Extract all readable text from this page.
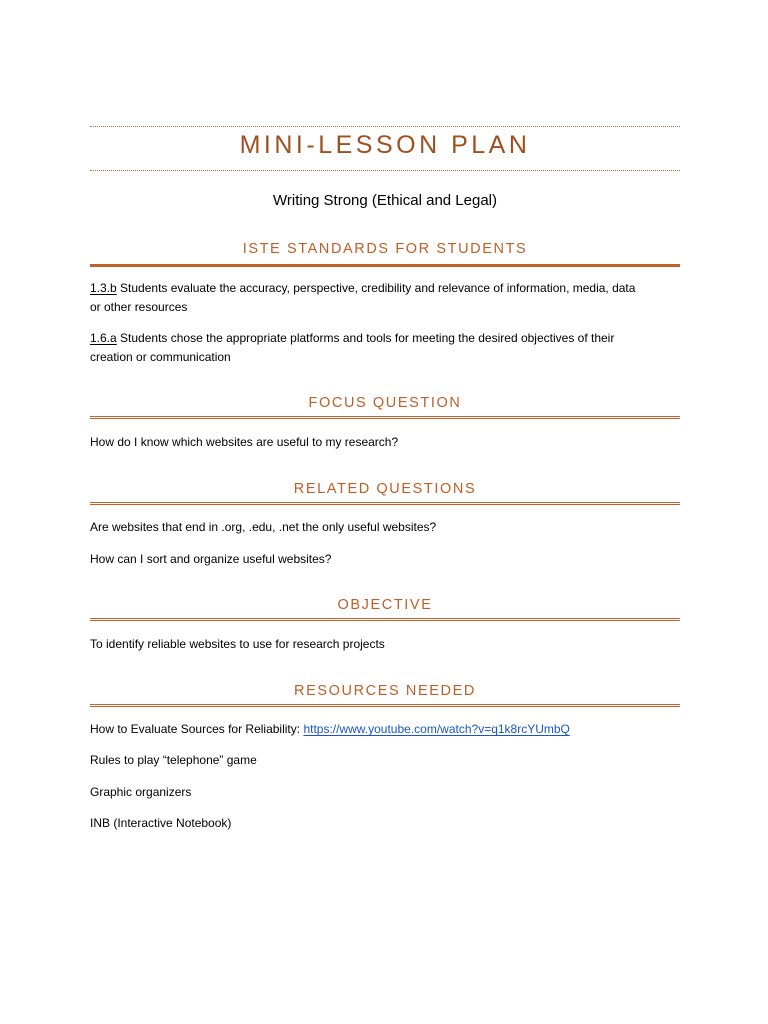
MINI-LESSON PLAN
Writing Strong (Ethical and Legal)
ISTE STANDARDS FOR STUDENTS
1.3.b Students evaluate the accuracy, perspective, credibility and relevance of information, media, data
or other resources
1.6.a Students chose the appropriate platforms and tools for meeting the desired objectives of their
creation or communication
FOCUS QUESTION
How do I know which websites are useful to my research?
RELATED QUESTIONS
Are websites that end in .org, .edu, .net the only useful websites?
How can I sort and organize useful websites?
OBJECTIVE
To identify reliable websites to use for research projects
RESOURCES NEEDED
How to Evaluate Sources for Reliability: https://www.youtube.com/watch?v=q1k8rcYUmbQ
Rules to play “telephone” game
Graphic organizers
INB (Interactive Notebook)
